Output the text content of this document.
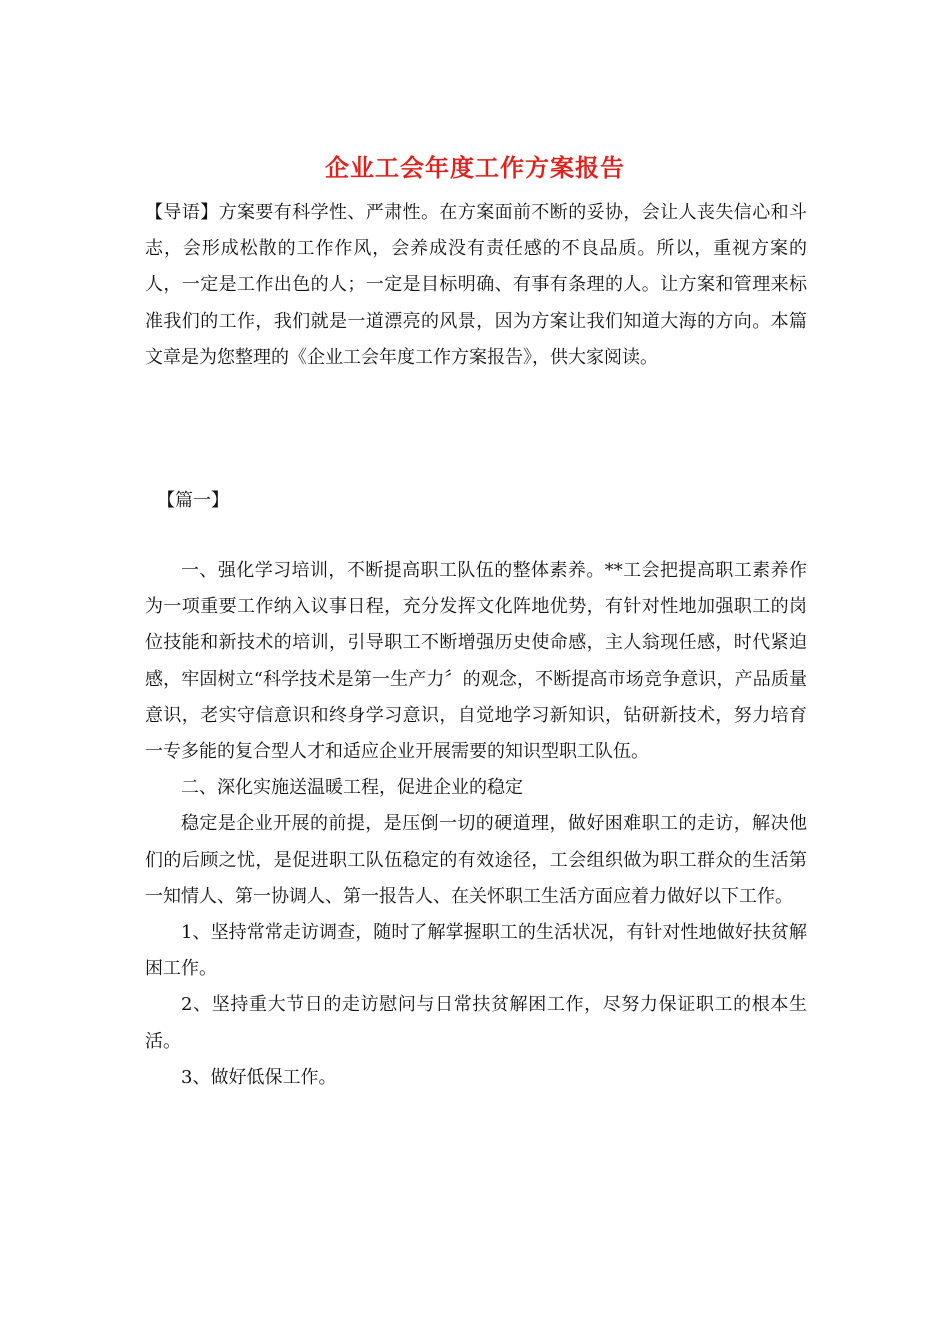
企业工会年度工作方案报告

【导语】方案要有科学性、严肃性。在方案面前不断的妥协，会让人丧失信心和斗志，会形成松散的工作作风，会养成没有责任感的不良品质。所以，重视方案的人，一定是工作出色的人；一定是目标明确、有事有条理的人。让方案和管理来标准我们的工作，我们就是一道漂亮的风景，因为方案让我们知道大海的方向。本篇文章是为您整理的《企业工会年度工作方案报告》，供大家阅读。

【篇一】

一、强化学习培训，不断提高职工队伍的整体素养。**工会把提高职工素养作为一项重要工作纳入议事日程，充分发挥文化阵地优势，有针对性地加强职工的岗位技能和新技术的培训，引导职工不断增强历史使命感，主人翁现任感，时代紧迫感，牢固树立“科学技术是第一生产力〞的观念，不断提高市场竞争意识，产品质量意识，老实守信意识和终身学习意识，自觉地学习新知识，钻研新技术，努力培育一专多能的复合型人才和适应企业开展需要的知识型职工队伍。

二、深化实施送温暖工程，促进企业的稳定

稳定是企业开展的前提，是压倒一切的硬道理，做好困难职工的走访，解决他们的后顾之忧，是促进职工队伍稳定的有效途径，工会组织做为职工群众的生活第一知情人、第一协调人、第一报告人、在关怀职工生活方面应着力做好以下工作。

1、坚持常常走访调查，随时了解掌握职工的生活状况，有针对性地做好扶贫解困工作。

2、坚持重大节日的走访慰问与日常扶贫解困工作，尽努力保证职工的根本生活。

3、做好低保工作。
